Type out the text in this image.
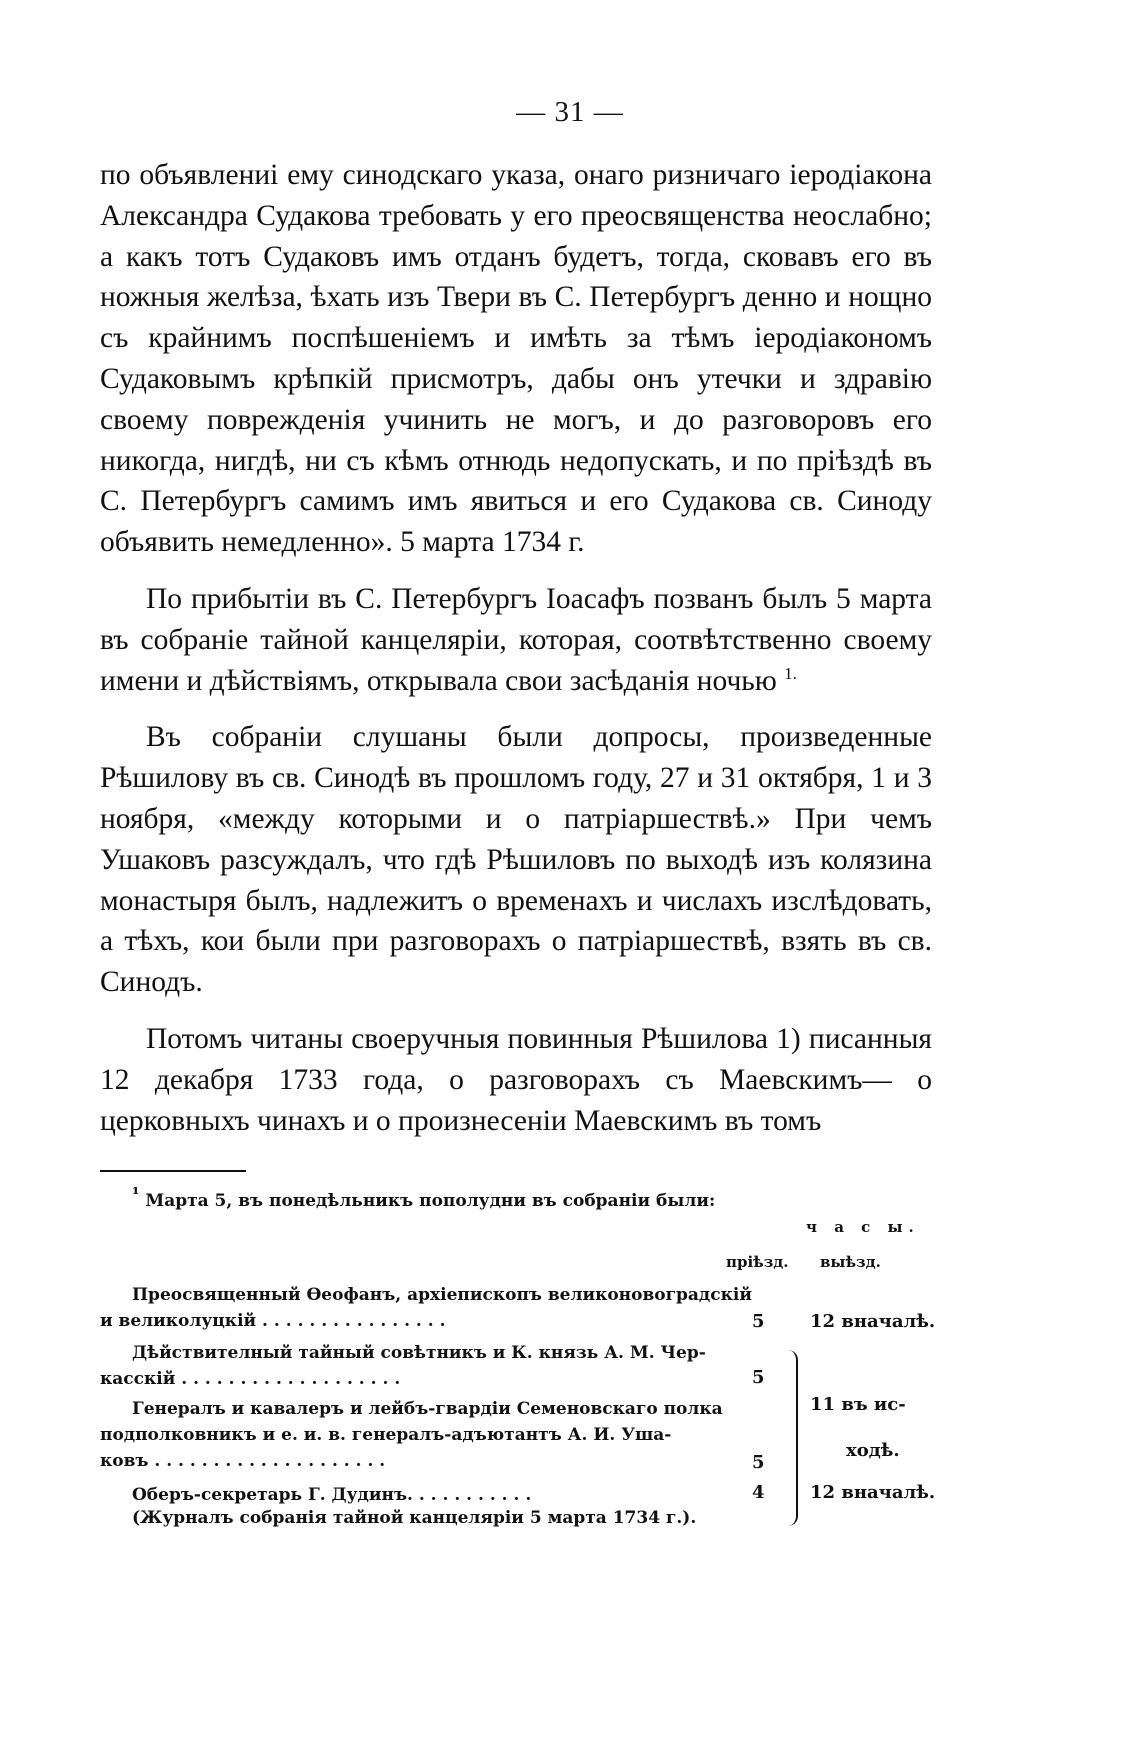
— 31 —

по объявлениі ему синодскаго указа, онаго ризничаго іеродіакона Александра Судакова требовать у его преосвященства неослабно; а какъ тотъ Судаковъ имъ отданъ будетъ, тогда, сковавъ его въ ножныя желѣза, ѣхать изъ Твери въ С. Петербургъ денно и нощно съ крайнимъ поспѣшеніемъ и имѣть за тѣмъ іеродіакономъ Судаковымъ крѣпкій присмотръ, дабы онъ утечки и здравію своему поврежденія учинить не могъ, и до разговоровъ его никогда, нигдѣ, ни съ кѣмъ отнюдь недопускать, и по пріѣздѣ въ С. Петербургъ самимъ имъ явиться и его Судакова св. Синоду объявить немедленно». 5 марта 1734 г.

По прибытіи въ С. Петербургъ Іоасафъ позванъ былъ 5 марта въ собраніе тайной канцеляріи, которая, соотвѣтственно своему имени и дѣйствіямъ, открывала свои засѣданія ночью $^{1.}$

Въ собраніи слушаны были допросы, произведенные Рѣшилову въ св. Синодѣ въ прошломъ году, 27 и 31 октября, 1 и 3 ноября, «между которыми и о патріаршествѣ.» При чемъ Ушаковъ разсуждалъ, что гдѣ Рѣшиловъ по выходѣ изъ колязина монастыря былъ, надлежитъ о временахъ и числахъ изслѣдовать, а тѣхъ, кои были при разговорахъ о патріаршествѣ, взять въ св. Синодъ.

Потомъ читаны своеручныя повинныя Рѣшилова 1) писанныя 12 декабря 1733 года, о разговорахъ съ Маевскимъ— о церковныхъ чинахъ и о произнесеніи Маевскимъ въ томъ

$^{^1}$ Марта 5, въ понедѣльникъ пополудни въ собраніи были:
ч а с ы.
пріѣзд. выѣзд.
Преосвященный Ѳеофанъ, архіепископъ великоновоградскій
и великолуцкій . . . . . . . . . . . . . . . .	5	12 вначалѣ.
Дѣйствителный тайный совѣтникъ и К. князь А. М. Чер-
касскій . . . . . . . . . . . . . . . . . . .	5
Генералъ и кавалеръ и лейбъ-гвардіи Семеновскаго полка
подполковникъ и е. и. в. генералъ-адъютантъ А. И. Уша-
ковъ . . . . . . . . . . . . . . . . . . . .	5
11 въ ис-
ходѣ.
Оберъ-секретарь Г. Дудинъ. . . . . . . . . . .	4	12 вначалѣ.
(Журналъ собранія тайной канцеляріи 5 марта 1734 г.).
